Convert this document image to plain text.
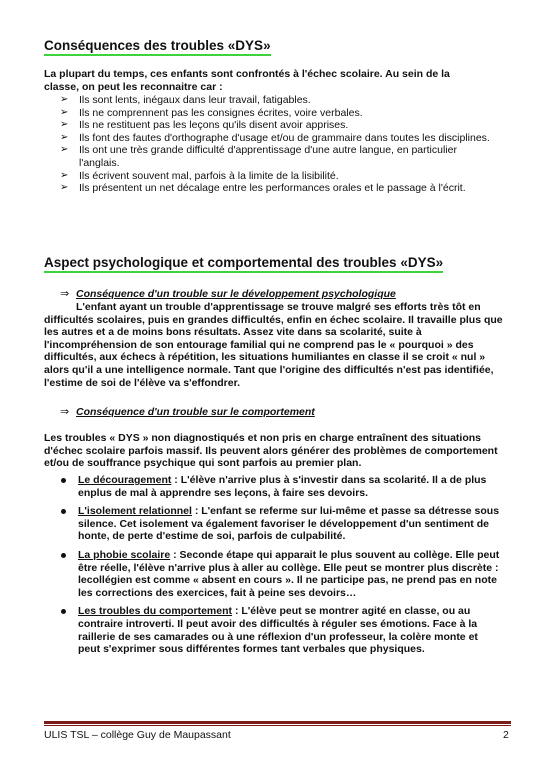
Conséquences des troubles «DYS»
La plupart du temps, ces enfants sont confrontés à l'échec scolaire. Au sein de la classe, on peut les reconnaitre car :
➢ Ils sont lents, inégaux dans leur travail, fatigables.
➢ Ils ne comprennent pas les consignes écrites, voire verbales.
➢ Ils ne restituent pas les leçons qu'ils disent avoir apprises.
➢ Ils font des fautes d'orthographe d'usage et/ou de grammaire dans toutes les disciplines.
➢ Ils ont une très grande difficulté d'apprentissage d'une autre langue, en particulier l'anglais.
➢ Ils écrivent souvent mal, parfois à la limite de la lisibilité.
➢ Ils présentent un net décalage entre les performances orales et le passage à l'écrit.
Aspect psychologique et comportemental des troubles «DYS»
⇒ Conséquence d'un trouble sur le développement psychologique
L'enfant ayant un trouble d'apprentissage se trouve malgré ses efforts très tôt en difficultés scolaires, puis en grandes difficultés, enfin en échec scolaire. Il travaille plus que les autres et a de moins bons résultats. Assez vite dans sa scolarité, suite à l'incompréhension de son entourage familial qui ne comprend pas le « pourquoi » des difficultés, aux échecs à répétition, les situations humiliantes en classe il se croit « nul » alors qu'il a une intelligence normale. Tant que l'origine des difficultés n'est pas identifiée, l'estime de soi de l'élève va s'effondrer.
⇒ Conséquence d'un trouble sur le comportement
Les troubles « DYS » non diagnostiqués et non pris en charge entraînent des situations d'échec scolaire parfois massif. Ils peuvent alors générer des problèmes de comportement et/ou de souffrance psychique qui sont parfois au premier plan.
Le découragement : L'élève n'arrive plus à s'investir dans sa scolarité. Il a de plus enplus de mal à apprendre ses leçons, à faire ses devoirs.
L'isolement relationnel : L'enfant se referme sur lui-même et passe sa détresse sous silence. Cet isolement va également favoriser le développement d'un sentiment de honte, de perte d'estime de soi, parfois de culpabilité.
La phobie scolaire : Seconde étape qui apparait le plus souvent au collège. Elle peut être réelle, l'élève n'arrive plus à aller au collège. Elle peut se montrer plus discrète : lecollégien est comme « absent en cours ». Il ne participe pas, ne prend pas en note les corrections des exercices, fait à peine ses devoirs…
Les troubles du comportement : L'élève peut se montrer agité en classe, ou au contraire introverti. Il peut avoir des difficultés à réguler ses émotions. Face à la raillerie de ses camarades ou à une réflexion d'un professeur, la colère monte et peut s'exprimer sous différentes formes tant verbales que physiques.
ULIS TSL – collège Guy de Maupassant	2
